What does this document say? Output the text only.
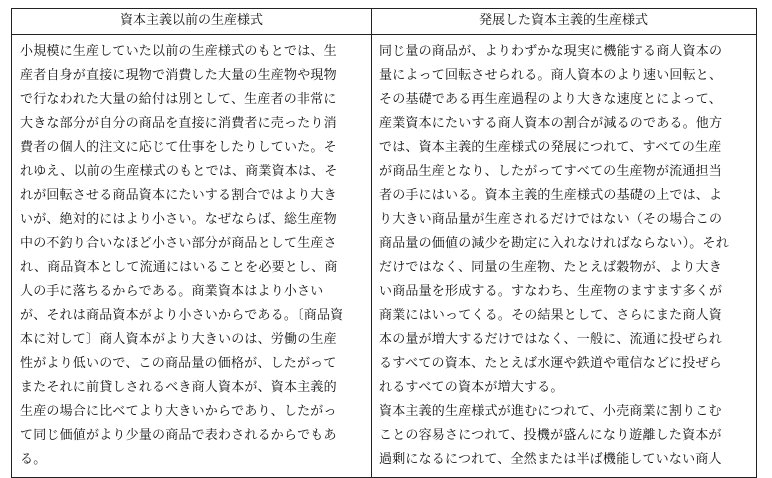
資本主義以前の生産様式
小規模に生産していた以前の生産様式のもとでは、生
産者自身が直接に現物で消費した大量の生産物や現物
で行なわれた大量の給付は別として、生産者の非常に
大きな部分が自分の商品を直接に消費者に売ったり消
費者の個人的注文に応じて仕事をしたりしていた。そ
れゆえ、以前の生産様式のもとでは、商業資本は、そ
れが回転させる商品資本にたいする割合ではより大き
いが、絶対的にはより小さい。なぜならば、総生産物
中の不釣り合いなほど小さい部分が商品として生産さ
れ、商品資本として流通にはいることを必要とし、商
人の手に落ちるからである。商業資本はより小さい
が、それは商品資本がより小さいからである。〔商品資
本に対して〕商人資本がより大きいのは、労働の生産
性がより低いので、この商品量の価格が、したがって
またそれに前貸しされるべき商人資本が、資本主義的
生産の場合に比べてより大きいからであり、したがっ
て同じ価値がより少量の商品で表わされるからでもあ
る。
発展した資本主義的生産様式
同じ量の商品が、よりわずかな現実に機能する商人資本の
量によって回転させられる。商人資本のより速い回転と、
その基礎である再生産過程のより大きな速度とによって、
産業資本にたいする商人資本の割合が減るのである。他方
では、資本主義的生産様式の発展につれて、すべての生産
が商品生産となり、したがってすべての生産物が流通担当
者の手にはいる。資本主義的生産様式の基礎の上では、よ
り大きい商品量が生産されるだけではない（その場合この
商品量の価値の減少を勘定に入れなければならない）。それ
だけではなく、同量の生産物、たとえば穀物が、より大き
い商品量を形成する。すなわち、生産物のますます多くが
商業にはいってくる。その結果として、さらにまた商人資
本の量が増大するだけではなく、一般に、流通に投ぜられ
るすべての資本、たとえば水運や鉄道や電信などに投ぜら
れるすべての資本が増大する。
資本主義的生産様式が進むにつれて、小売商業に割りこむ
ことの容易さにつれて、投機が盛んになり遊離した資本が
過剰になるにつれて、全然または半ば機能していない商人
